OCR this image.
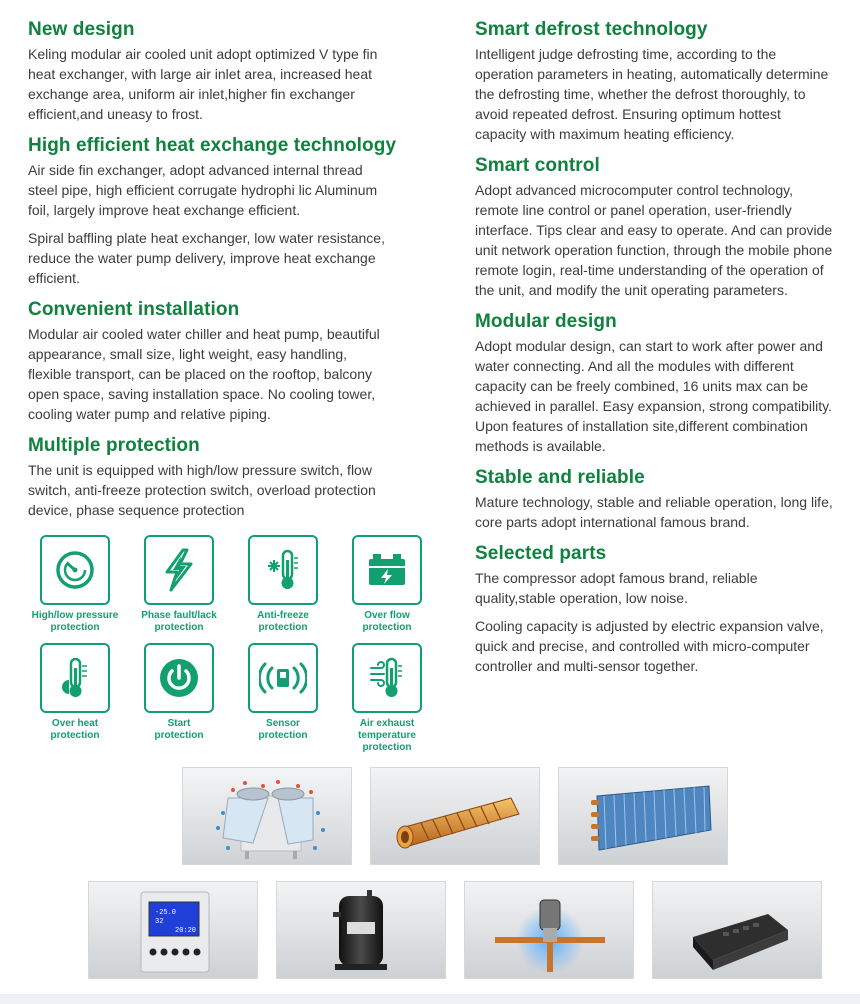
New design

Keling modular air cooled unit adopt optimized V type fin
heat exchanger, with large air inlet area, increased heat
exchange area, uniform air inlet,higher fin exchanger
efficient,and uneasy to frost.

High efficient heat exchange technology

Air side fin exchanger, adopt advanced internal thread
steel pipe, high efficient corrugate hydrophi lic Aluminum
foil, largely improve heat exchange efficient.

Spiral baffling plate heat exchanger, low water resistance,
reduce the water pump delivery, improve heat exchange
efficient.

Convenient installation

Modular air cooled water chiller and heat pump, beautiful
appearance, small size, light weight, easy handling,
flexible transport, can be placed on the rooftop, balcony
open space, saving installation space. No cooling tower,
cooling water pump and relative piping.

Multiple protection

The unit is equipped with high/low pressure switch, flow
switch, anti-freeze protection switch, overload protection
device, phase sequence protection

Smart defrost technology

Intelligent judge defrosting time, according to the
operation parameters in heating, automatically determine
the defrosting time, whether the defrost thoroughly, to
avoid repeated defrost. Ensuring optimum hottest
capacity with maximum heating efficiency.

Smart control

Adopt advanced microcomputer control technology,
remote line control or panel operation, user-friendly
interface. Tips clear and easy to operate. And can provide
unit network operation function, through the mobile phone
remote login, real-time understanding of the operation of
the unit, and modify the unit operating parameters.

Modular design

Adopt modular design, can start to work after power and
water connecting. And all the modules with different
capacity can be freely combined, 16 units max can be
achieved in parallel. Easy expansion, strong compatibility.
Upon features of installation site,different combination
methods is available.

Stable and reliable

Mature technology, stable and reliable operation, long life,
core parts adopt international famous brand.

Selected parts

The compressor adopt famous brand, reliable
quality,stable operation, low noise.

Cooling capacity is adjusted by electric expansion valve,
quick and precise, and controlled with micro-computer
controller and multi-sensor together.

High/low pressure
protection
Phase fault/lack
protection
Anti-freeze
protection
Over flow
protection
Over heat
protection
Start
protection
Sensor
protection
Air exhaust
temperature protection
-25.0
32
20:20
